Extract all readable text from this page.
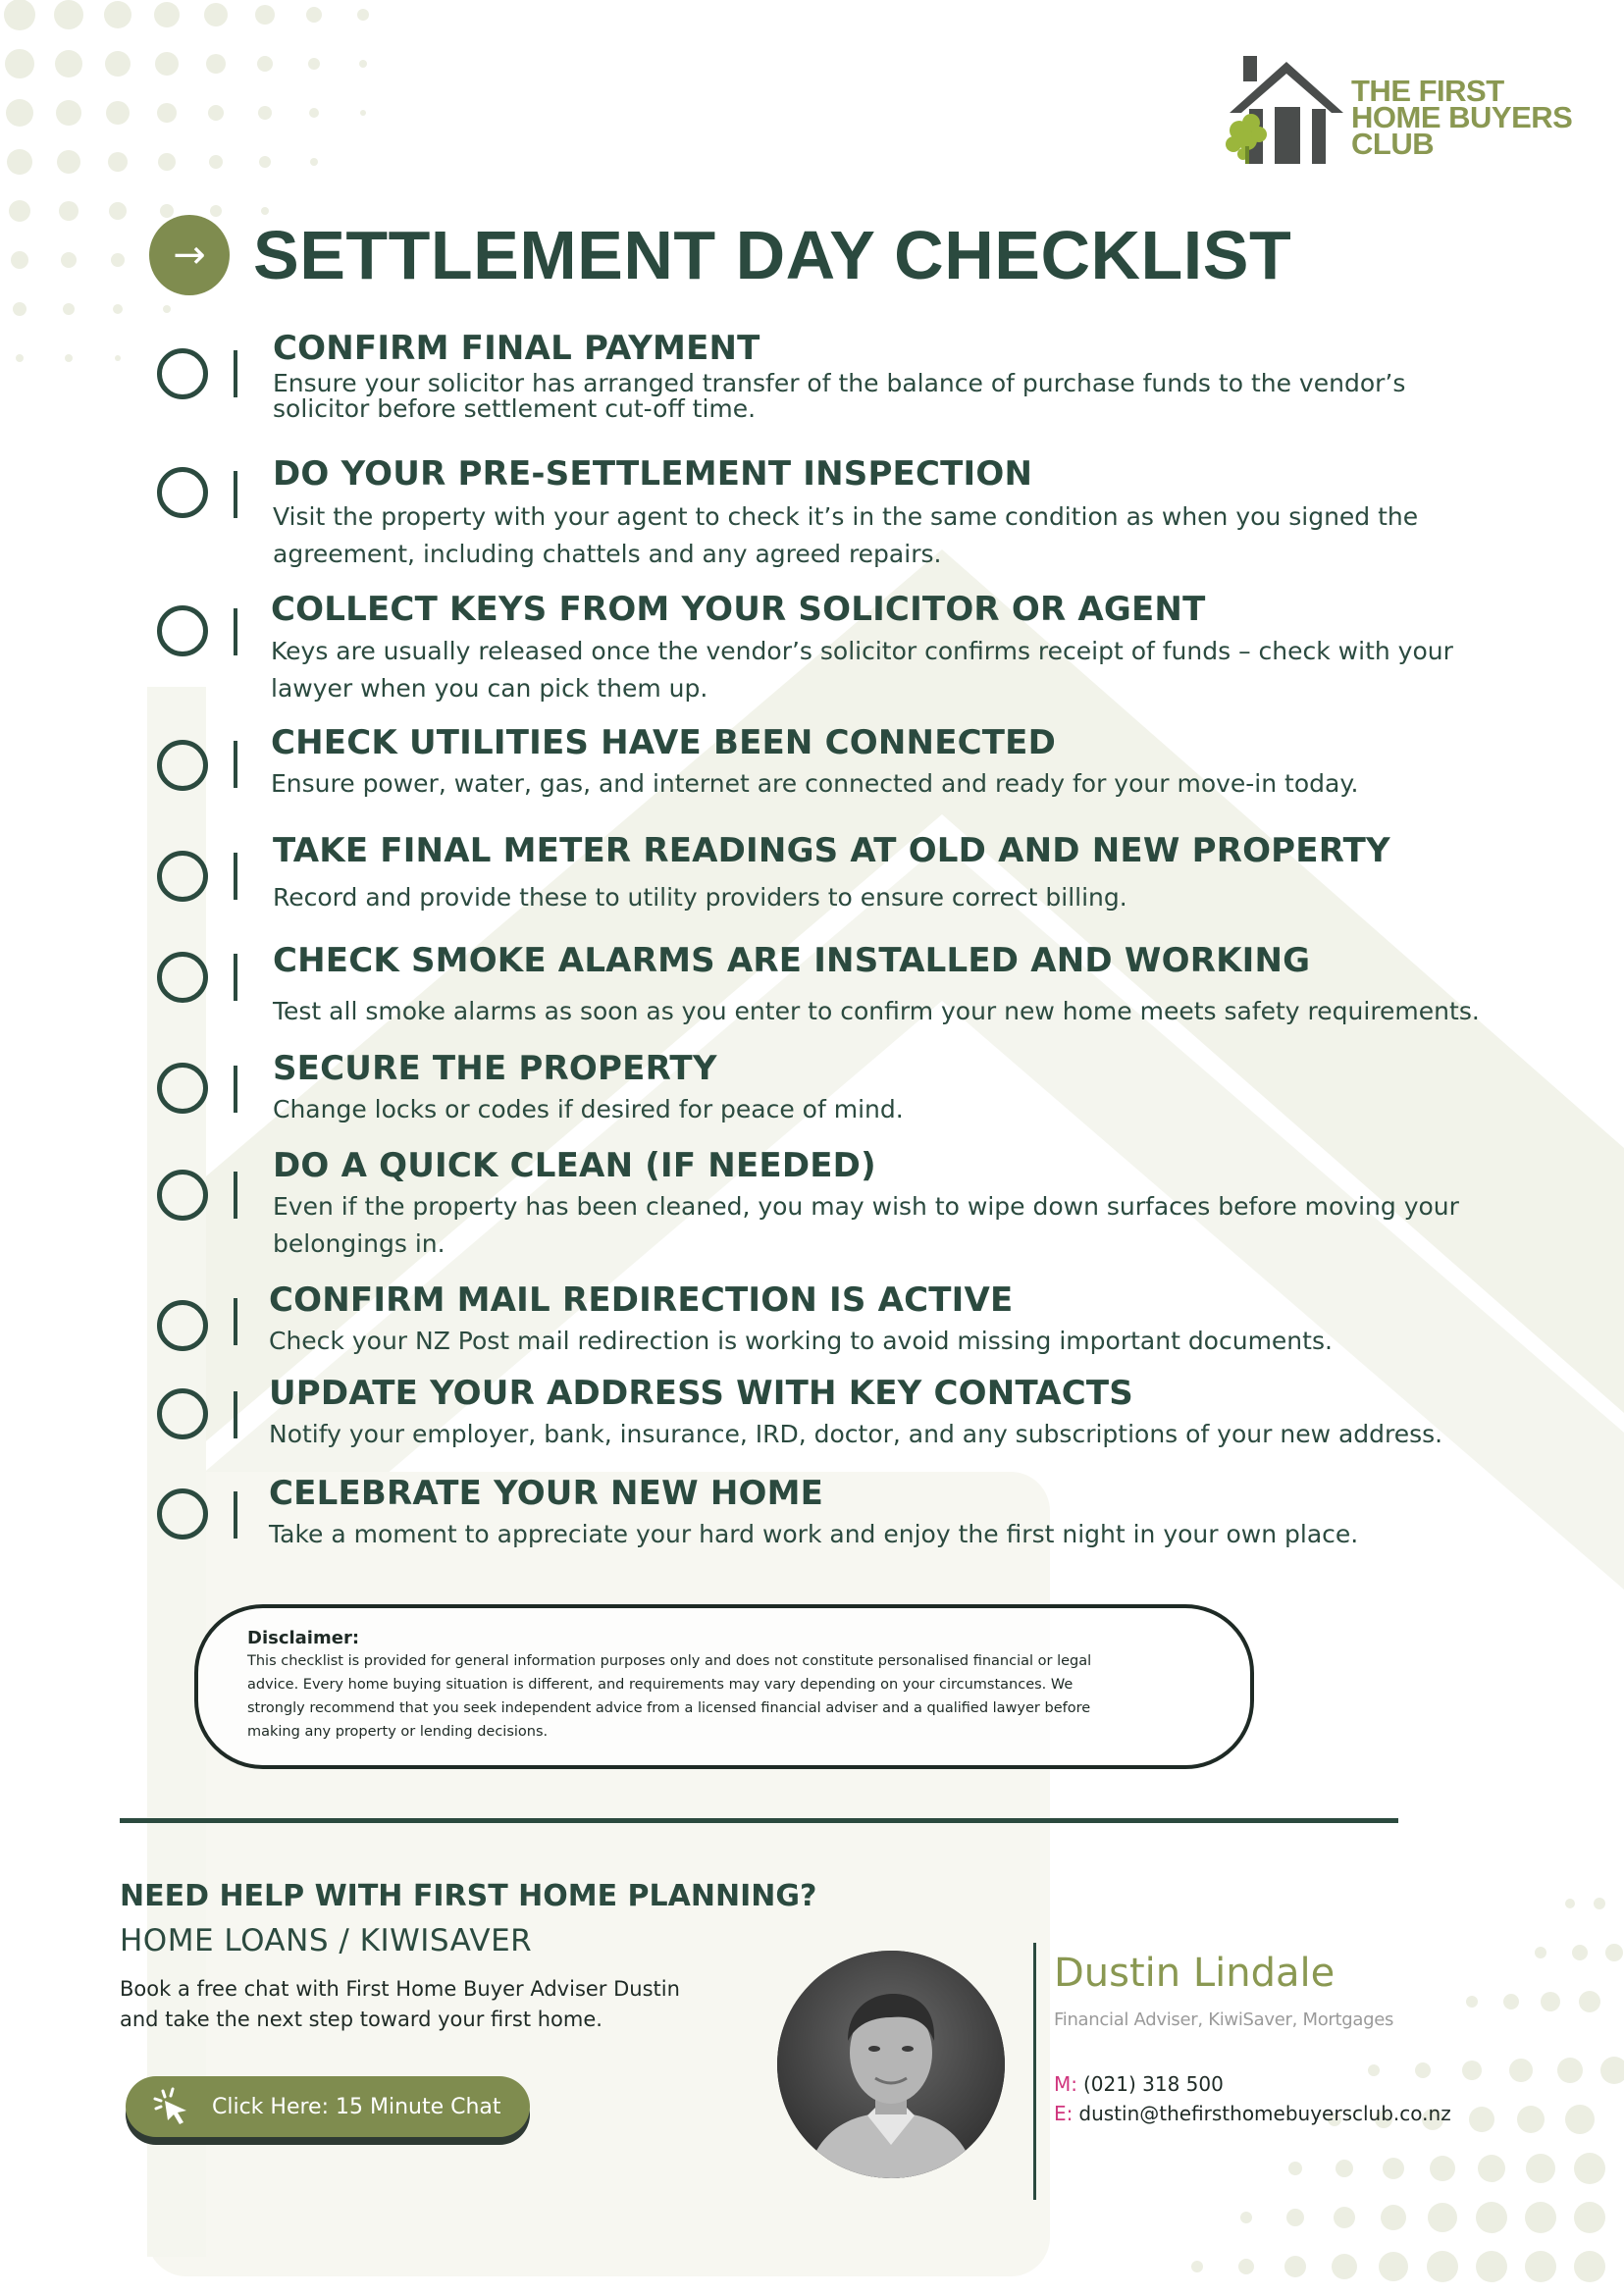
THE FIRST
HOME BUYERS
CLUB
→ SETTLEMENT DAY CHECKLIST
CONFIRM FINAL PAYMENT
Ensure your solicitor has arranged transfer of the balance of purchase funds to the vendor’s
solicitor before settlement cut-off time.
DO YOUR PRE-SETTLEMENT INSPECTION
Visit the property with your agent to check it’s in the same condition as when you signed the
agreement, including chattels and any agreed repairs.
COLLECT KEYS FROM YOUR SOLICITOR OR AGENT
Keys are usually released once the vendor’s solicitor confirms receipt of funds – check with your
lawyer when you can pick them up.
CHECK UTILITIES HAVE BEEN CONNECTED
Ensure power, water, gas, and internet are connected and ready for your move-in today.
TAKE FINAL METER READINGS AT OLD AND NEW PROPERTY
Record and provide these to utility providers to ensure correct billing.
CHECK SMOKE ALARMS ARE INSTALLED AND WORKING
Test all smoke alarms as soon as you enter to confirm your new home meets safety requirements.
SECURE THE PROPERTY
Change locks or codes if desired for peace of mind.
DO A QUICK CLEAN (IF NEEDED)
Even if the property has been cleaned, you may wish to wipe down surfaces before moving your
belongings in.
CONFIRM MAIL REDIRECTION IS ACTIVE
Check your NZ Post mail redirection is working to avoid missing important documents.
UPDATE YOUR ADDRESS WITH KEY CONTACTS
Notify your employer, bank, insurance, IRD, doctor, and any subscriptions of your new address.
CELEBRATE YOUR NEW HOME
Take a moment to appreciate your hard work and enjoy the first night in your own place.
Disclaimer:
This checklist is provided for general information purposes only and does not constitute personalised financial or legal
advice. Every home buying situation is different, and requirements may vary depending on your circumstances. We
strongly recommend that you seek independent advice from a licensed financial adviser and a qualified lawyer before
making any property or lending decisions.
NEED HELP WITH FIRST HOME PLANNING?
HOME LOANS / KIWISAVER
Book a free chat with First Home Buyer Adviser Dustin
and take the next step toward your first home.
Click Here: 15 Minute Chat
Dustin Lindale
Financial Adviser, KiwiSaver, Mortgages
M: (021) 318 500
E: dustin@thefirsthomebuyersclub.co.nz
